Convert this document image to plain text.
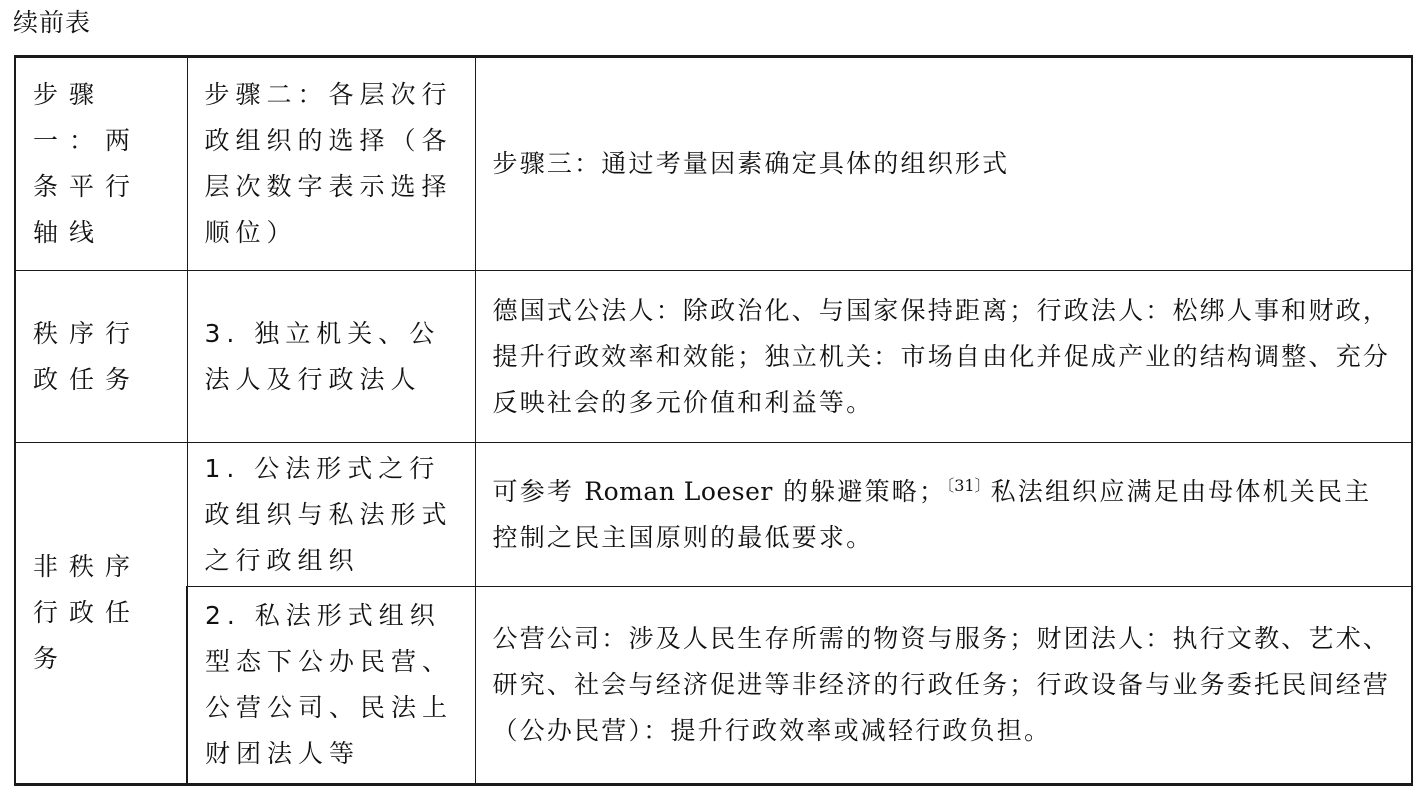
续前表
步骤一：两条平行轴线	步骤二：各层次行政组织的选择（各层次数字表示选择顺位）	步骤三：通过考量因素确定具体的组织形式
秩序行政任务	3. 独立机关、公法人及行政法人	德国式公法人：除政治化、与国家保持距离；行政法人：松绑人事和财政，提升行政效率和效能；独立机关：市场自由化并促成产业的结构调整、充分反映社会的多元价值和利益等。
非秩序行政任务	1. 公法形式之行政组织与私法形式之行政组织	可参考 Roman Loeser 的躲避策略；$^{〔31〕}$私法组织应满足由母体机关民主控制之民主国原则的最低要求。
	2. 私法形式组织型态下公办民营、公营公司、民法上财团法人等	公营公司：涉及人民生存所需的物资与服务；财团法人：执行文教、艺术、研究、社会与经济促进等非经济的行政任务；行政设备与业务委托民间经营（公办民营）：提升行政效率或减轻行政负担。
